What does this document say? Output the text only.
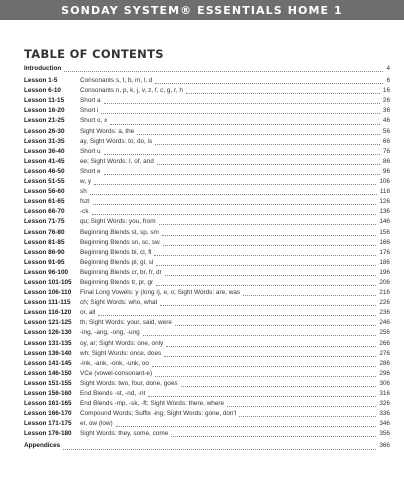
SONDAY SYSTEM® ESSENTIALS HOME 1
TABLE OF CONTENTS
Introduction	4
Lesson 1-5	Consonants s, t, b, m, l, d	6
Lesson 6-10	Consonants n, p, k, j, v, z, f, c, g, r, h	16
Lesson 11-15	Short a	26
Lesson 16-20	Short i	36
Lesson 21-25	Short o, x	46
Lesson 26-30	Sight Words: a, the	56
Lesson 31-35	ay, Sight Words: to, do, is	66
Lesson 36-40	Short u	76
Lesson 41-45	ee; Sight Words: I, of, and	86
Lesson 46-50	Short e	96
Lesson 51-55	w, y	106
Lesson 56-60	sh	116
Lesson 61-65	fszl	126
Lesson 66-70	-ck	136
Lesson 71-75	qu; Sight Words: you, from	146
Lesson 76-80	Beginning Blends st, sp, sm	156
Lesson 81-85	Beginning Blends sn, sc, sw	166
Lesson 86-90	Beginning Blends bl, cl, fl	176
Lesson 91-95	Beginning Blends pl, gl, sl	186
Lesson 96-100	Beginning Blends cr, br, fr, dr	196
Lesson 101-105	Beginning Blends tr, pr, gr	206
Lesson 106-110	Final Long Vowels: y (long i), e, o; Sight Words: are, was	216
Lesson 111-115	ch; Sight Words: who, what	226
Lesson 116-120	or, all	236
Lesson 121-125	th; Sight Words: your, said, were	246
Lesson 126-130	-ing, -ang, -ong, -ung	256
Lesson 131-135	oy, ar; Sight Words: one, only	266
Lesson 136-140	wh; Sight Words: once, does	276
Lesson 141-145	-ink, -ank, -onk, -unk, oo	286
Lesson 146-150	VCe (vowel-consonant-e)	296
Lesson 151-155	Sight Words: two, four, done, goes	306
Lesson 156-160	End Blends -st, -nd, -nt	316
Lesson 161-165	End Blends -mp, -sk, -ft; Sight Words: there, where	326
Lesson 166-170	Compound Words; Suffix -ing; Sight Words: gone, don't	336
Lesson 171-175	er, ow (low)	346
Lesson 176-180	Sight Words: they, some, come	356
Appendices	366
